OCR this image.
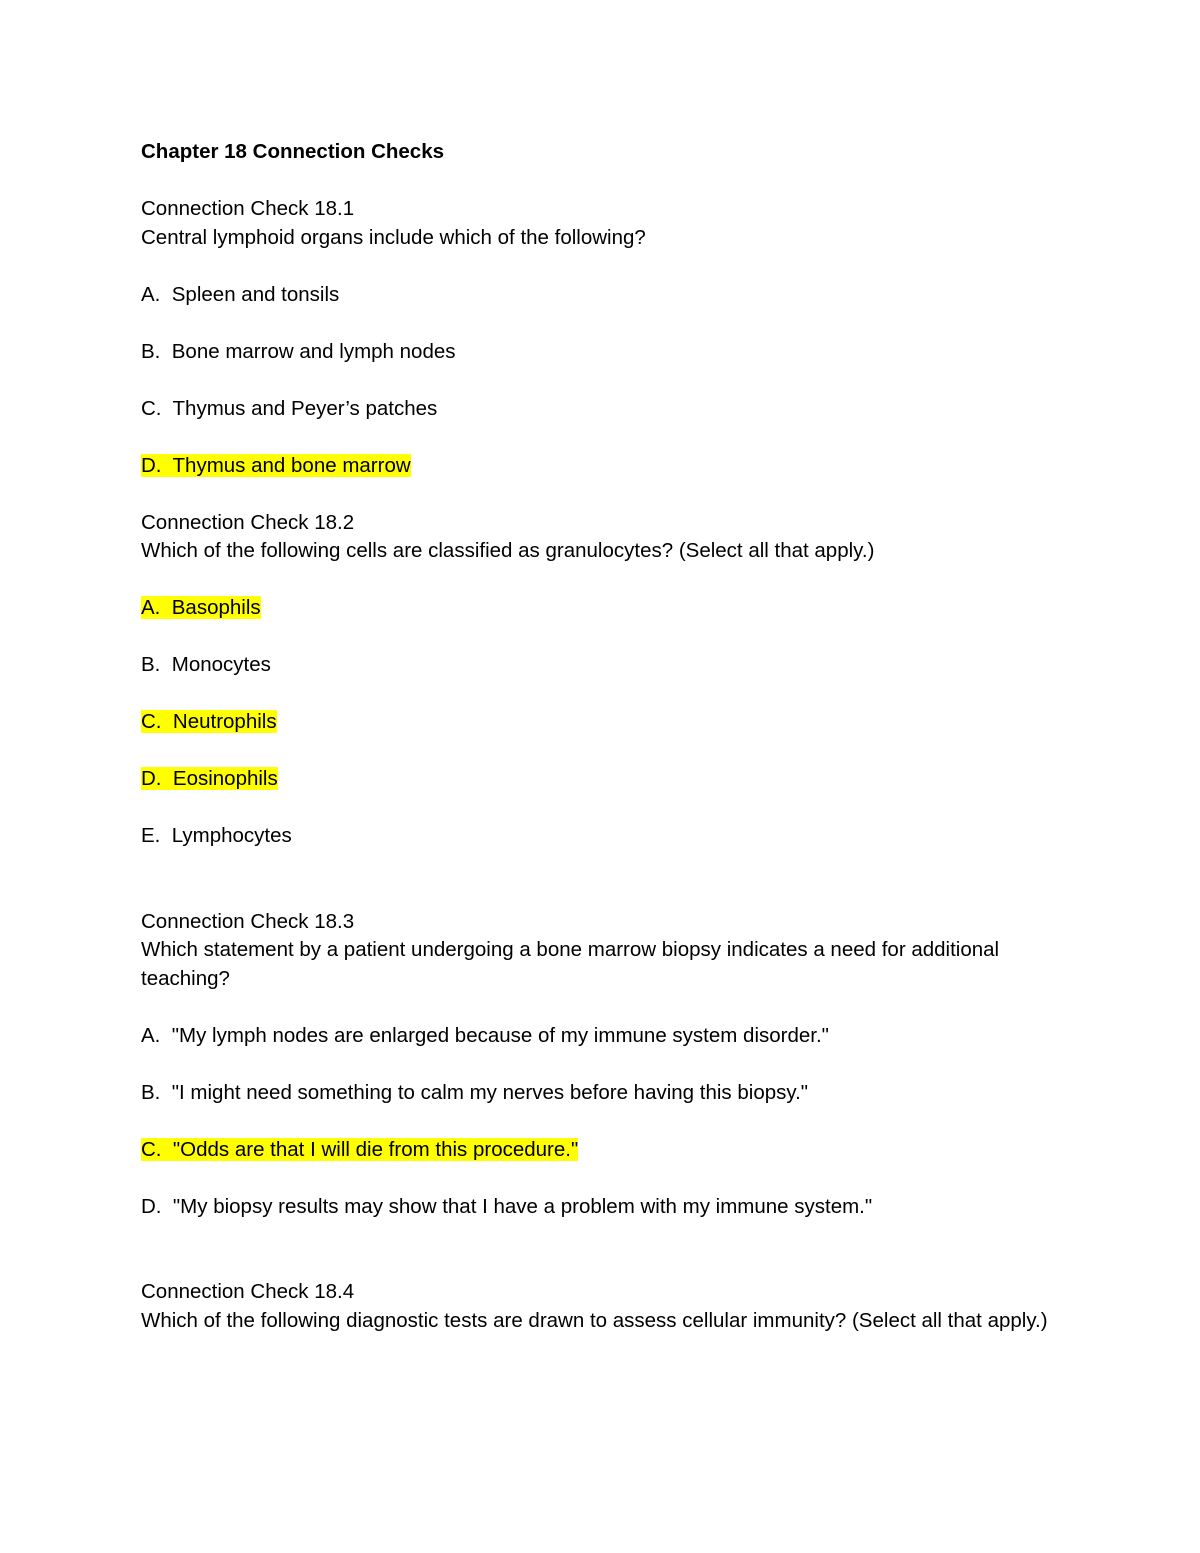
Chapter 18 Connection Checks
Connection Check 18.1
Central lymphoid organs include which of the following?
A.  Spleen and tonsils
B.  Bone marrow and lymph nodes
C.  Thymus and Peyer’s patches
D.  Thymus and bone marrow
Connection Check 18.2
Which of the following cells are classified as granulocytes? (Select all that apply.)
A.  Basophils
B.  Monocytes
C.  Neutrophils
D.  Eosinophils
E.  Lymphocytes
Connection Check 18.3
Which statement by a patient undergoing a bone marrow biopsy indicates a need for additional teaching?
A.  "My lymph nodes are enlarged because of my immune system disorder."
B.  "I might need something to calm my nerves before having this biopsy."
C.  "Odds are that I will die from this procedure."
D.  "My biopsy results may show that I have a problem with my immune system."
Connection Check 18.4
Which of the following diagnostic tests are drawn to assess cellular immunity? (Select all that apply.)
